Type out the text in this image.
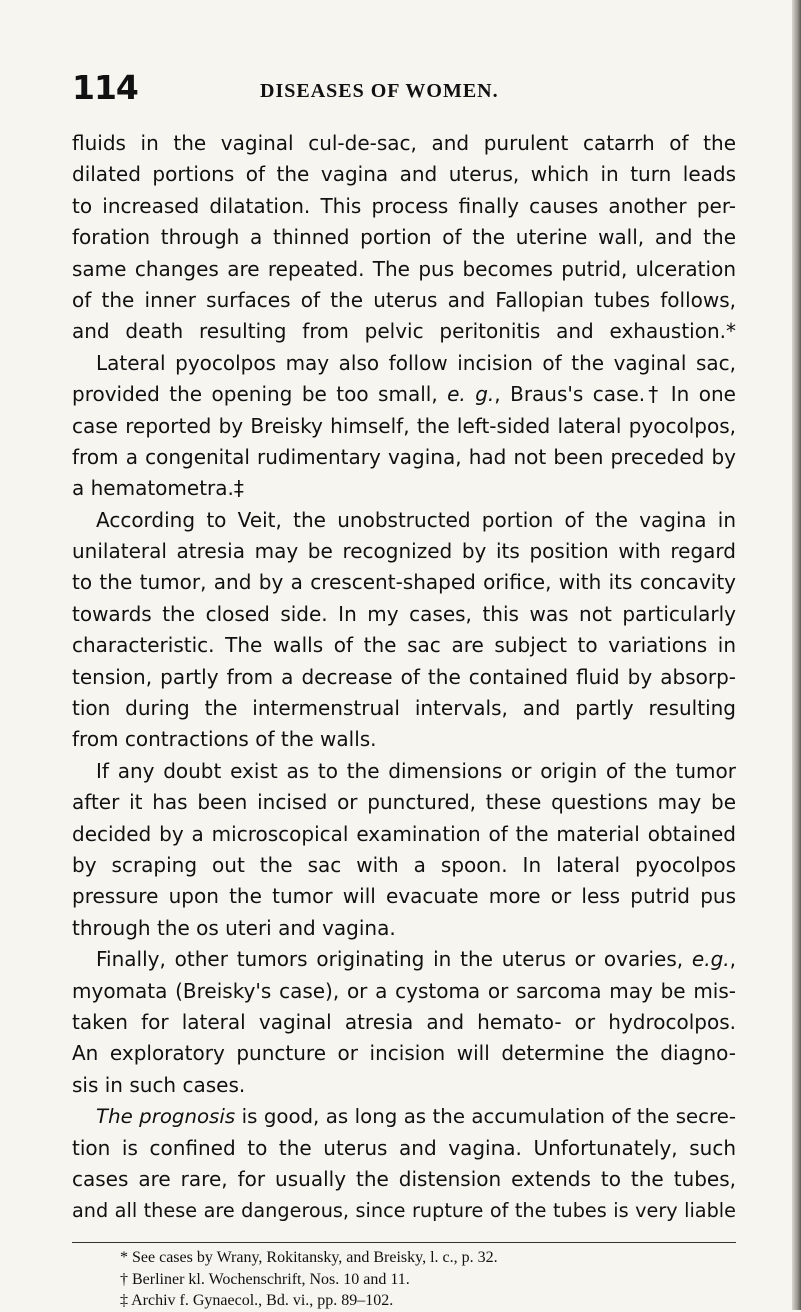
114	DISEASES OF WOMEN.
fluids in the vaginal cul-de-sac, and purulent catarrh of the
dilated portions of the vagina and uterus, which in turn leads
to increased dilatation. This process finally causes another per-
foration through a thinned portion of the uterine wall, and the
same changes are repeated. The pus becomes putrid, ulceration
of the inner surfaces of the uterus and Fallopian tubes follows,
and death resulting from pelvic peritonitis and exhaustion.*
Lateral pyocolpos may also follow incision of the vaginal sac,
provided the opening be too small, e. g., Braus's case.† In one
case reported by Breisky himself, the left-sided lateral pyocolpos,
from a congenital rudimentary vagina, had not been preceded by
a hematometra.‡
According to Veit, the unobstructed portion of the vagina in
unilateral atresia may be recognized by its position with regard
to the tumor, and by a crescent-shaped orifice, with its concavity
towards the closed side. In my cases, this was not particularly
characteristic. The walls of the sac are subject to variations in
tension, partly from a decrease of the contained fluid by absorp-
tion during the intermenstrual intervals, and partly resulting
from contractions of the walls.
If any doubt exist as to the dimensions or origin of the tumor
after it has been incised or punctured, these questions may be
decided by a microscopical examination of the material obtained
by scraping out the sac with a spoon. In lateral pyocolpos
pressure upon the tumor will evacuate more or less putrid pus
through the os uteri and vagina.
Finally, other tumors originating in the uterus or ovaries, e.g.,
myomata (Breisky's case), or a cystoma or sarcoma may be mis-
taken for lateral vaginal atresia and hemato- or hydrocolpos.
An exploratory puncture or incision will determine the diagno-
sis in such cases.
The prognosis is good, as long as the accumulation of the secre-
tion is confined to the uterus and vagina. Unfortunately, such
cases are rare, for usually the distension extends to the tubes,
and all these are dangerous, since rupture of the tubes is very liable
* See cases by Wrany, Rokitansky, and Breisky, l. c., p. 32.
† Berliner kl. Wochenschrift, Nos. 10 and 11.
‡ Archiv f. Gynaecol., Bd. vi., pp. 89–102.
